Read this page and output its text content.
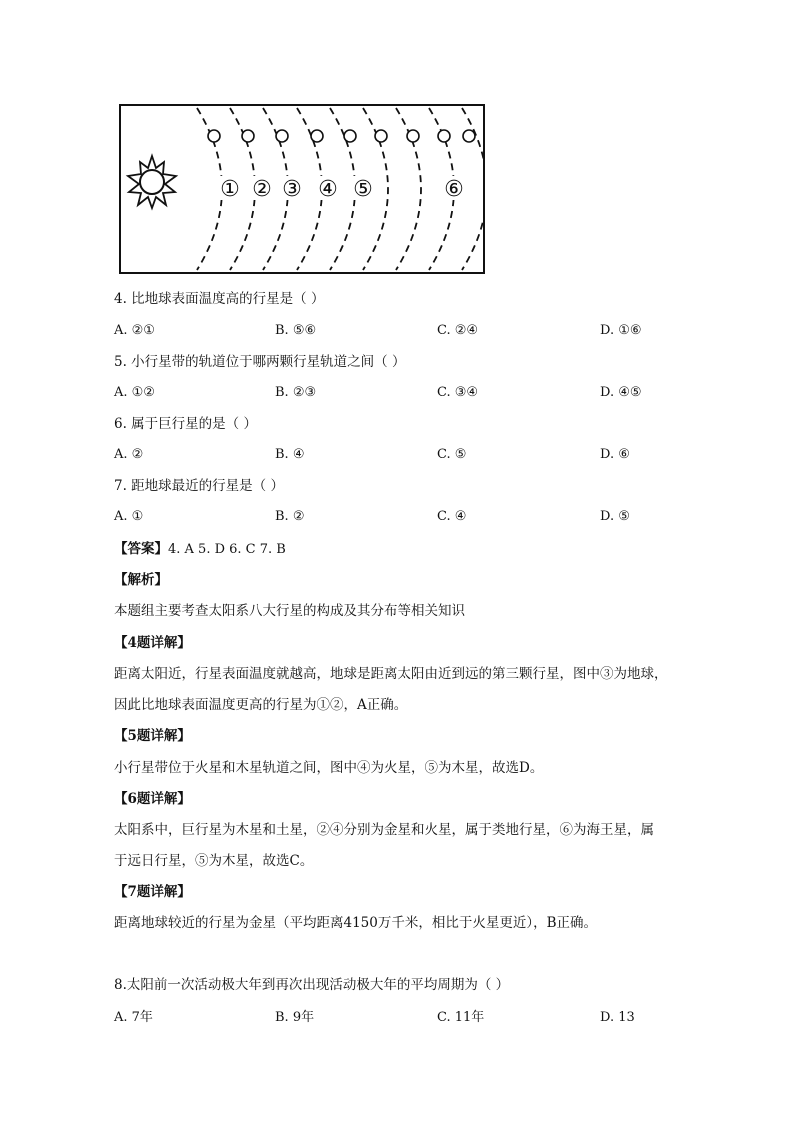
① ② ③ ④ ⑤	⑥
4. 比地球表面温度高的行星是（ ）
A. ②①	B. ⑤⑥	C. ②④	D. ①⑥
5. 小行星带的轨道位于哪两颗行星轨道之间（ ）
A. ①②	B. ②③	C. ③④	D. ④⑤
6. 属于巨行星的是（ ）
A. ②	B. ④	C. ⑤	D. ⑥
7. 距地球最近的行星是（ ）
A. ①	B. ②	C. ④	D. ⑤
【答案】4. A 5. D 6. C 7. B
【解析】
本题组主要考查太阳系八大行星的构成及其分布等相关知识
【4题详解】
距离太阳近，行星表面温度就越高，地球是距离太阳由近到远的第三颗行星，图中③为地球，
因此比地球表面温度更高的行星为①②，A正确。
【5题详解】
小行星带位于火星和木星轨道之间，图中④为火星，⑤为木星，故选D。
【6题详解】
太阳系中，巨行星为木星和土星，②④分别为金星和火星，属于类地行星，⑥为海王星，属
于远日行星，⑤为木星，故选C。
【7题详解】
距离地球较近的行星为金星（平均距离4150万千米，相比于火星更近），B正确。
8.太阳前一次活动极大年到再次出现活动极大年的平均周期为（ ）
A. 7年	B. 9年	C. 11年	D. 13
